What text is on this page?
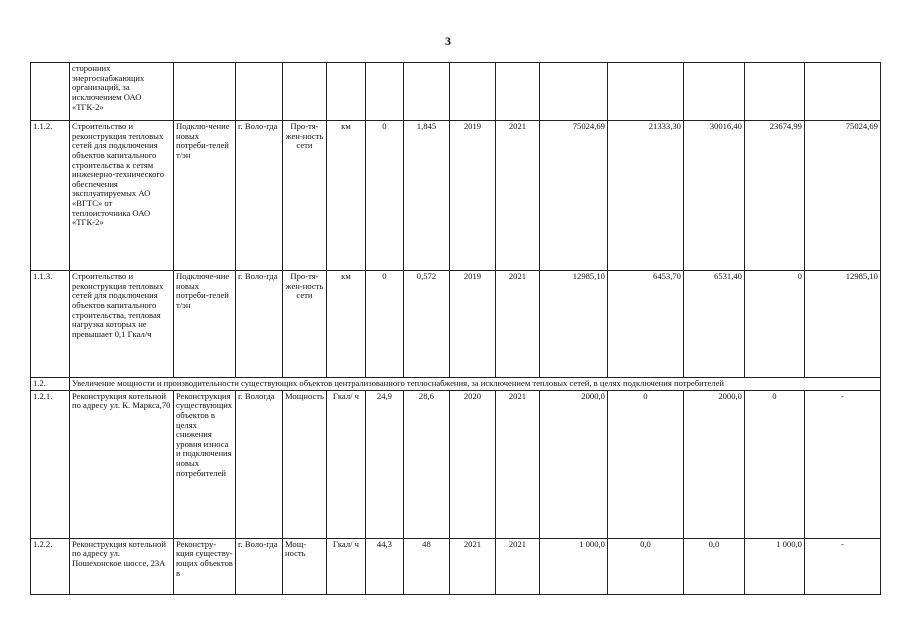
3
	сторонних энергоснабжающих организаций, за исключением ОАО «ТГК-2»													
1.1.2.	Строительство и реконструкция тепловых сетей для подключения объектов капитального строительства к сетям инженерно-технического обеспечения эксплуатируемых АО «ВГТС» от теплоисточника ОАО «ТГК-2»	Подклю-чение новых потреби-телей т/эн	г. Воло-гда	Про-тя-жен-ность сети	км	0	1,845	2019	2021	75024,69	21333,30	30016,40	23674,99	75024,69
1.1.3.	Строительство и реконструкция тепловых сетей для подключения объектов капитального строительства, тепловая нагрузка которых не превышает 0,1 Гкал/ч	Подключе-ние новых потреби-телей т/эн	г. Воло-гда	Про-тя-жен-ность сети	км	0	0,572	2019	2021	12985,10	6453,70	6531,40	0	12985,10
1.2.	Увеличение мощности и производительности существующих объектов централизованного теплоснабжения, за исключением тепловых сетей, в целях подключения потребителей													
1.2.1.	Реконструкция котельной по адресу ул. К. Маркса,70	Реконструкция существующих объектов в целях снижения уровня износа и подключения новых потребителей	г. Вологда	Мощность	Гкал/ ч	24,9	28,6	2020	2021	2000,0	0	2000,0	0	-
1.2.2.	Реконструкция котельной по адресу ул. Пошехонское шоссе, 23А	Реконстру-кция существу-ющих объектов в	г. Воло-гда	Мощ-ность	Гкал/ ч	44,3	48	2021	2021	1 000,0	0,0	0,0	1 000,0	-
